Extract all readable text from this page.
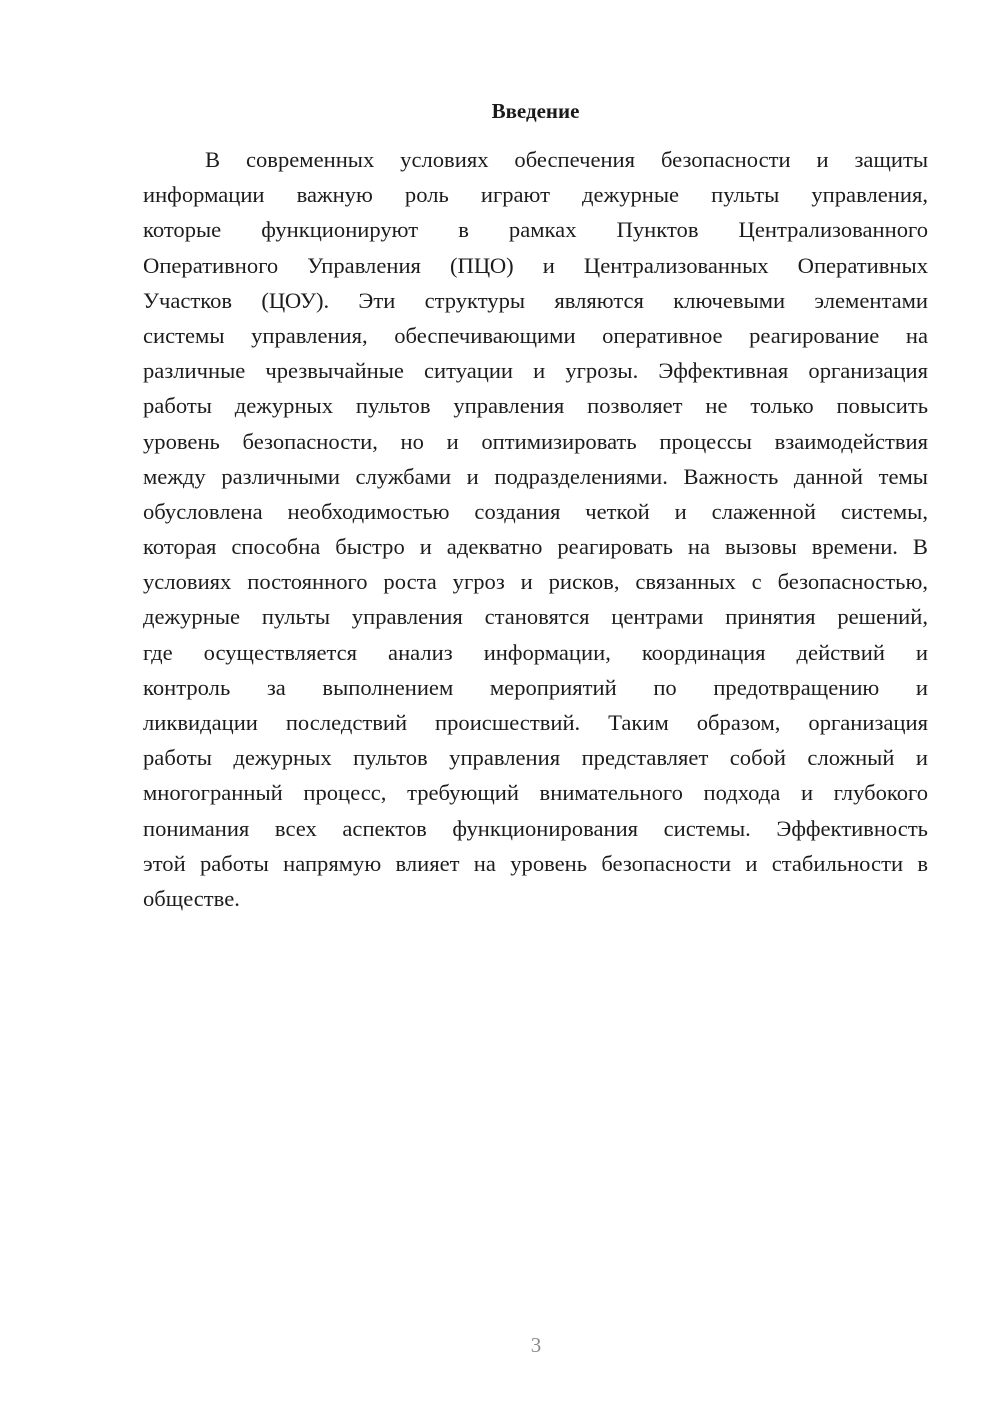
Введение

В современных условиях обеспечения безопасности и защиты
информации важную роль играют дежурные пульты управления,
которые функционируют в рамках Пунктов Централизованного
Оперативного Управления (ПЦО) и Централизованных Оперативных
Участков (ЦОУ). Эти структуры являются ключевыми элементами
системы управления, обеспечивающими оперативное реагирование на
различные чрезвычайные ситуации и угрозы. Эффективная организация
работы дежурных пультов управления позволяет не только повысить
уровень безопасности, но и оптимизировать процессы взаимодействия
между различными службами и подразделениями. Важность данной темы
обусловлена необходимостью создания четкой и слаженной системы,
которая способна быстро и адекватно реагировать на вызовы времени. В
условиях постоянного роста угроз и рисков, связанных с безопасностью,
дежурные пульты управления становятся центрами принятия решений,
где осуществляется анализ информации, координация действий и
контроль за выполнением мероприятий по предотвращению и
ликвидации последствий происшествий. Таким образом, организация
работы дежурных пультов управления представляет собой сложный и
многогранный процесс, требующий внимательного подхода и глубокого
понимания всех аспектов функционирования системы. Эффективность
этой работы напрямую влияет на уровень безопасности и стабильности в
обществе.

3
